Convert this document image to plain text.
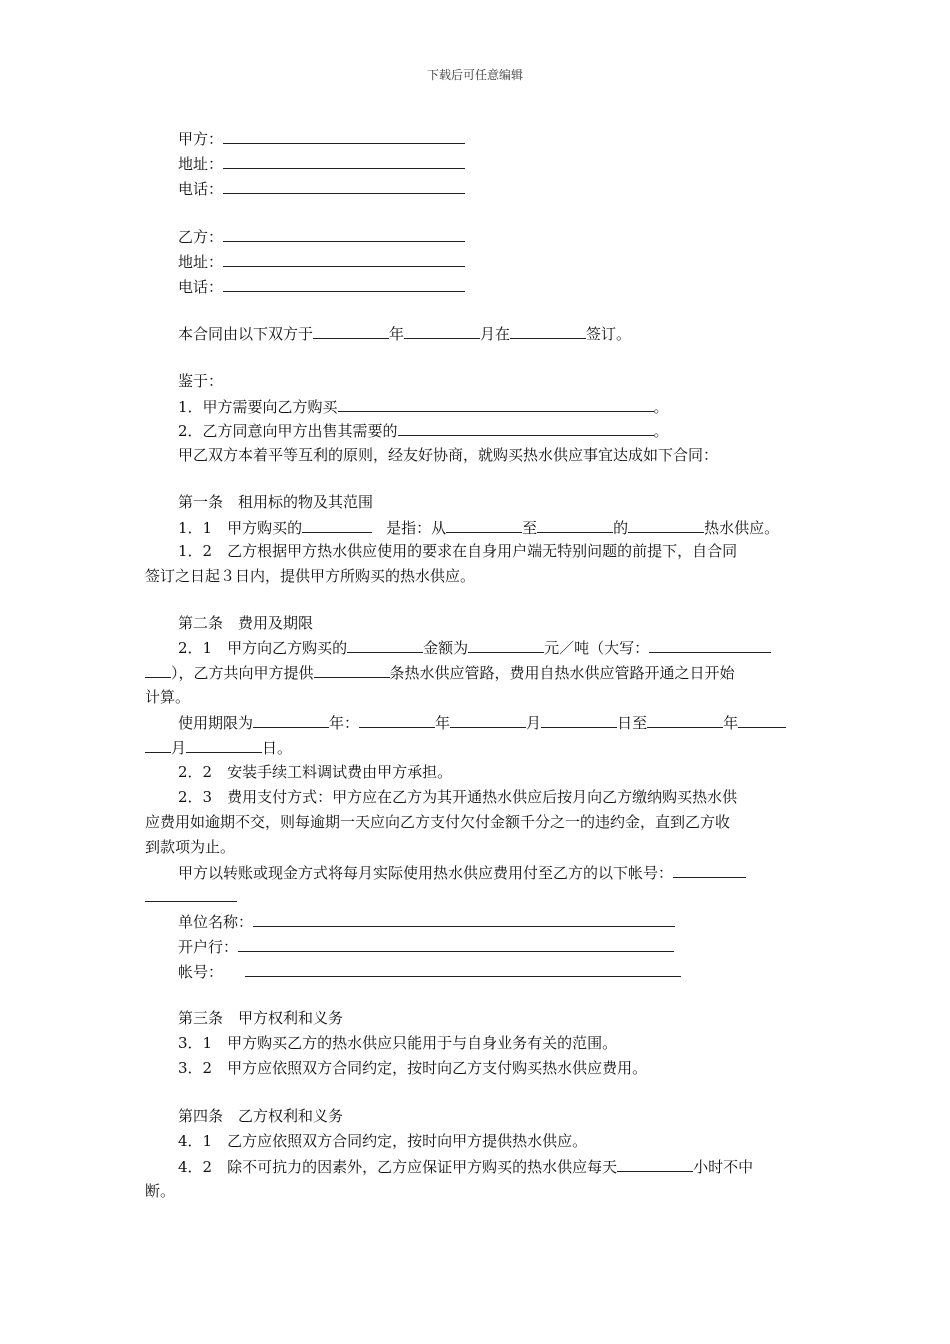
下载后可任意编辑
甲方：
地址：
电话：
乙方：
地址：
电话：
本合同由以下双方于	年	月在	签订。
鉴于：
1．甲方需要向乙方购买	。
2．乙方同意向甲方出售其需要的	。
甲乙双方本着平等互利的原则，经友好协商，就购买热水供应事宜达成如下合同：
第一条　租用标的物及其范围
1．1　甲方购买的	是指：从	至	的	热水供应。
1．2　乙方根据甲方热水供应使用的要求在自身用户端无特别问题的前提下，自合同
签订之日起３日内，提供甲方所购买的热水供应。
第二条　费用及期限
2．1　甲方向乙方购买的	金额为	元／吨（大写：
），乙方共向甲方提供	条热水供应管路，费用自热水供应管路开通之日开始
计算。
使用期限为	年：	年	月	日至	年
月	日。
2．2　安装手续工料调试费由甲方承担。
2．3　费用支付方式：甲方应在乙方为其开通热水供应后按月向乙方缴纳购买热水供
应费用如逾期不交，则每逾期一天应向乙方支付欠付金额千分之一的违约金，直到乙方收
到款项为止。
甲方以转账或现金方式将每月实际使用热水供应费用付至乙方的以下帐号：
单位名称：
开户行：
帐号：
第三条　甲方权利和义务
3．1　甲方购买乙方的热水供应只能用于与自身业务有关的范围。
3．2　甲方应依照双方合同约定，按时向乙方支付购买热水供应费用。
第四条　乙方权利和义务
4．1　乙方应依照双方合同约定，按时向甲方提供热水供应。
4．2　除不可抗力的因素外，乙方应保证甲方购买的热水供应每天	小时不中
断。
